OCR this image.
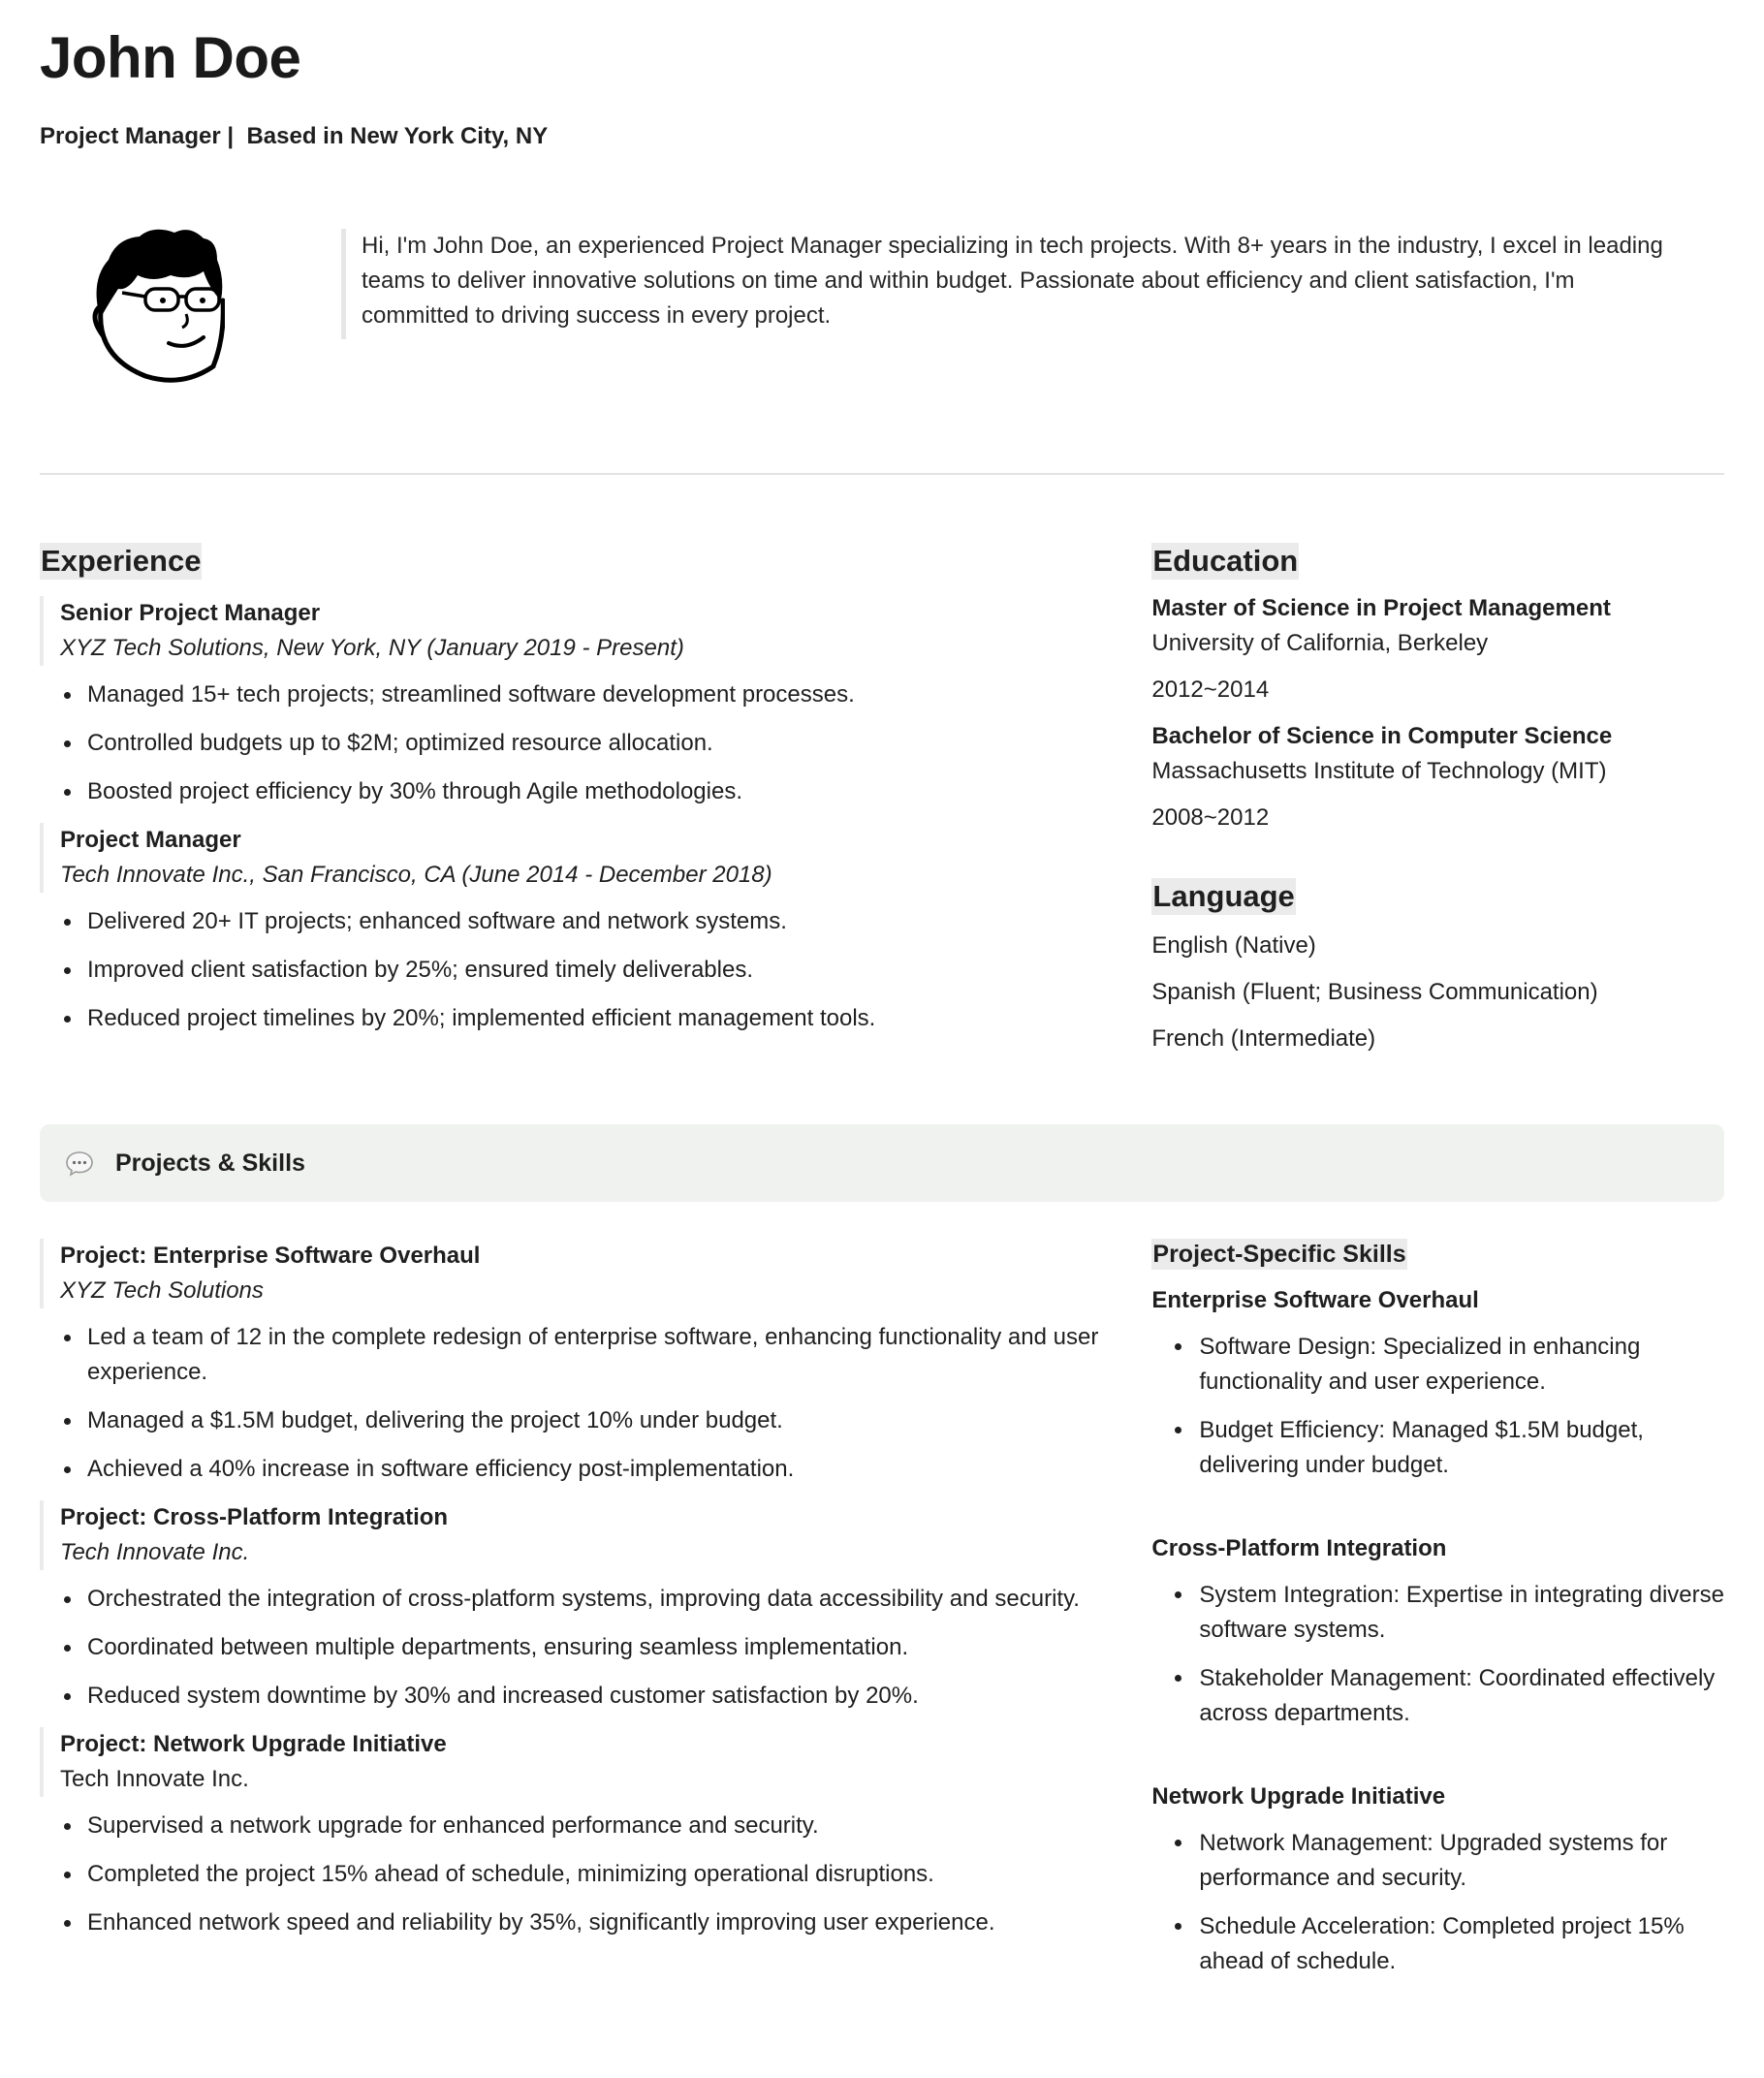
John Doe
Project Manager |  Based in New York City, NY
Hi, I'm John Doe, an experienced Project Manager specializing in tech projects. With 8+ years in the industry, I excel in leading teams to deliver innovative solutions on time and within budget. Passionate about efficiency and client satisfaction, I'm committed to driving success in every project.
Experience
Senior Project Manager
XYZ Tech Solutions, New York, NY (January 2019 - Present)
• Managed 15+ tech projects; streamlined software development processes.
• Controlled budgets up to $2M; optimized resource allocation.
• Boosted project efficiency by 30% through Agile methodologies.
Project Manager
Tech Innovate Inc., San Francisco, CA (June 2014 - December 2018)
• Delivered 20+ IT projects; enhanced software and network systems.
• Improved client satisfaction by 25%; ensured timely deliverables.
• Reduced project timelines by 20%; implemented efficient management tools.
Education
Master of Science in Project Management
University of California, Berkeley
2012~2014
Bachelor of Science in Computer Science
Massachusetts Institute of Technology (MIT)
2008~2012
Language
English (Native)
Spanish (Fluent; Business Communication)
French (Intermediate)
Projects & Skills
Project: Enterprise Software Overhaul
XYZ Tech Solutions
• Led a team of 12 in the complete redesign of enterprise software, enhancing functionality and user experience.
• Managed a $1.5M budget, delivering the project 10% under budget.
• Achieved a 40% increase in software efficiency post-implementation.
Project: Cross-Platform Integration
Tech Innovate Inc.
• Orchestrated the integration of cross-platform systems, improving data accessibility and security.
• Coordinated between multiple departments, ensuring seamless implementation.
• Reduced system downtime by 30% and increased customer satisfaction by 20%.
Project: Network Upgrade Initiative
Tech Innovate Inc.
• Supervised a network upgrade for enhanced performance and security.
• Completed the project 15% ahead of schedule, minimizing operational disruptions.
• Enhanced network speed and reliability by 35%, significantly improving user experience.
Project-Specific Skills
Enterprise Software Overhaul
• Software Design: Specialized in enhancing functionality and user experience.
• Budget Efficiency: Managed $1.5M budget, delivering under budget.
Cross-Platform Integration
• System Integration: Expertise in integrating diverse software systems.
• Stakeholder Management: Coordinated effectively across departments.
Network Upgrade Initiative
• Network Management: Upgraded systems for performance and security.
• Schedule Acceleration: Completed project 15% ahead of schedule.
